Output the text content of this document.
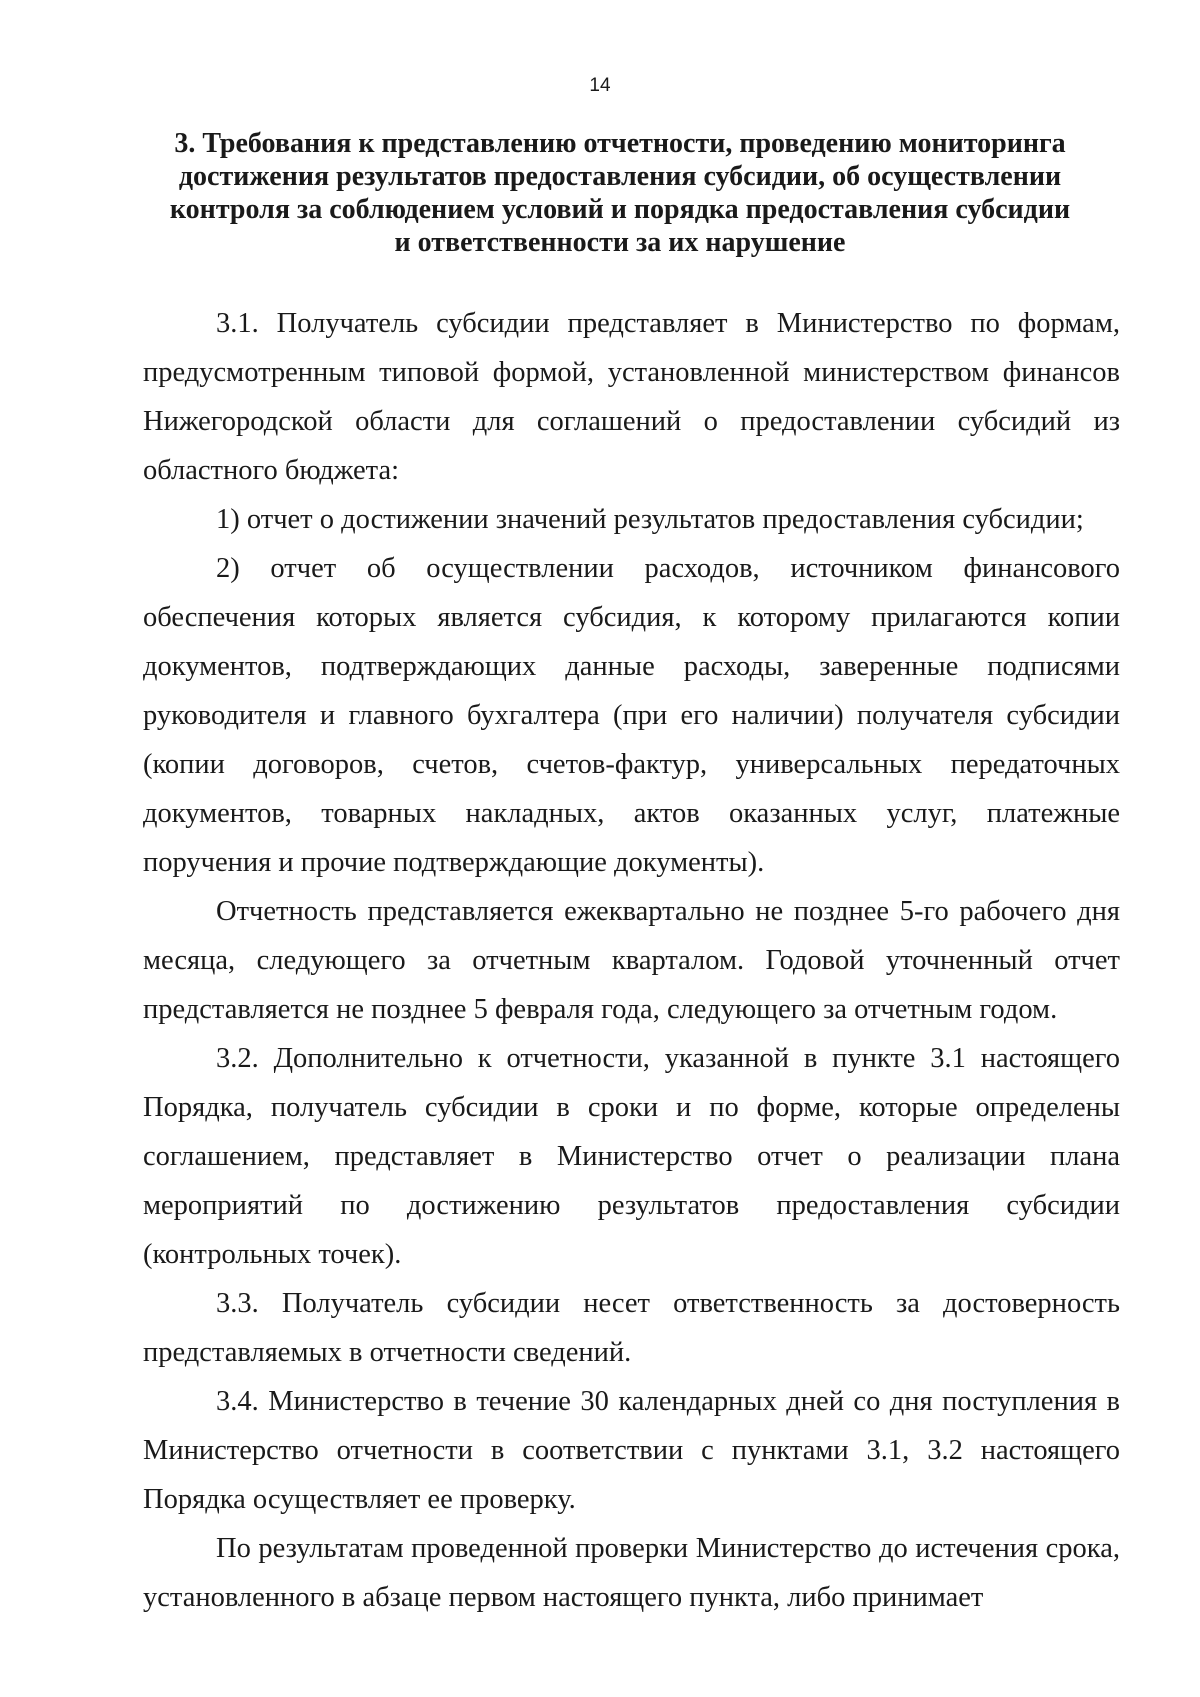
14
3. Требования к представлению отчетности, проведению мониторинга
достижения результатов предоставления субсидии, об осуществлении
контроля за соблюдением условий и порядка предоставления субсидии
и ответственности за их нарушение

3.1. Получатель субсидии представляет в Министерство по формам, предусмотренным типовой формой, установленной министерством финансов Нижегородской области для соглашений о предоставлении субсидий из областного бюджета:

1) отчет о достижении значений результатов предоставления субсидии;

2) отчет об осуществлении расходов, источником финансового обеспечения которых является субсидия, к которому прилагаются копии документов, подтверждающих данные расходы, заверенные подписями руководителя и главного бухгалтера (при его наличии) получателя субсидии (копии договоров, счетов, счетов-фактур, универсальных передаточных документов, товарных накладных, актов оказанных услуг, платежные поручения и прочие подтверждающие документы).

Отчетность представляется ежеквартально не позднее 5-го рабочего дня месяца, следующего за отчетным кварталом. Годовой уточненный отчет представляется не позднее 5 февраля года, следующего за отчетным годом.

3.2. Дополнительно к отчетности, указанной в пункте 3.1 настоящего Порядка, получатель субсидии в сроки и по форме, которые определены соглашением, представляет в Министерство отчет о реализации плана мероприятий по достижению результатов предоставления субсидии (контрольных точек).

3.3. Получатель субсидии несет ответственность за достоверность представляемых в отчетности сведений.

3.4. Министерство в течение 30 календарных дней со дня поступления в Министерство отчетности в соответствии с пунктами 3.1, 3.2 настоящего Порядка осуществляет ее проверку.

По результатам проведенной проверки Министерство до истечения срока, установленного в абзаце первом настоящего пункта, либо принимает
